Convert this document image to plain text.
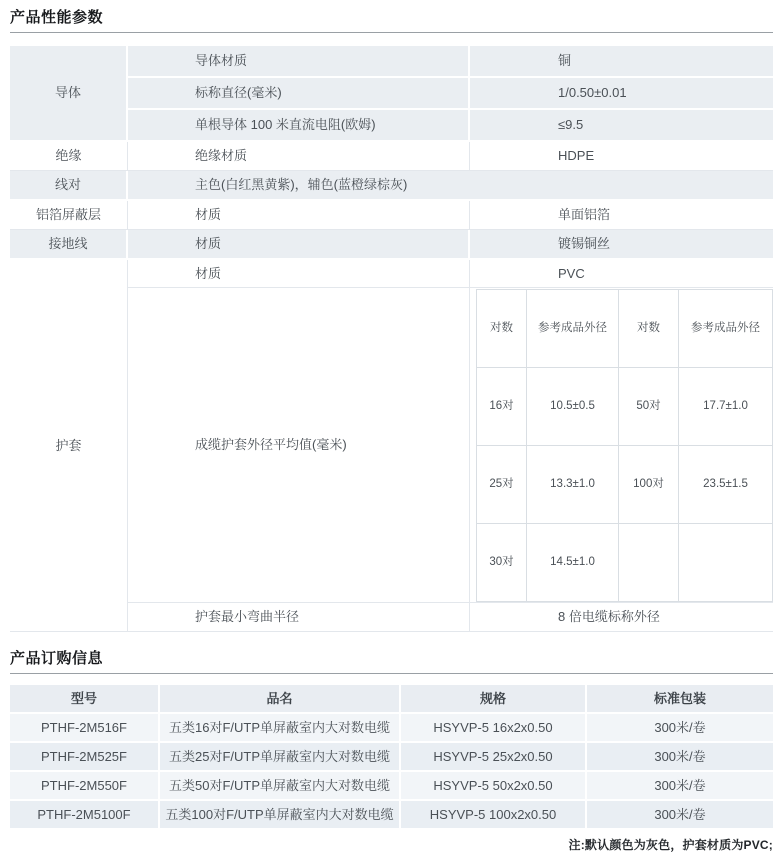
产品性能参数
导体	导体材质	铜
标称直径(毫米)	1/0.50±0.01
单根导体 100 米直流电阻(欧姆)	≤9.5
绝缘	绝缘材质	HDPE
线对	主色(白红黑黄紫)，辅色(蓝橙绿棕灰)
铝箔屏蔽层	材质	单面铝箔
接地线	材质	镀锡铜丝
护套	材质	PVC
成缆护套外径平均值(毫米)	
对数	参考成品外径	对数	参考成品外径
16对	10.5±0.5	50对	17.7±1.0
25对	13.3±1.0	100对	23.5±1.5
30对	14.5±1.0		

护套最小弯曲半径	8 倍电缆标称外径
产品订购信息
型号	品名	规格	标准包装
PTHF-2M516F	五类16对F/UTP单屏蔽室内大对数电缆	HSYVP-5 16x2x0.50	300米/卷
PTHF-2M525F	五类25对F/UTP单屏蔽室内大对数电缆	HSYVP-5 25x2x0.50	300米/卷
PTHF-2M550F	五类50对F/UTP单屏蔽室内大对数电缆	HSYVP-5 50x2x0.50	300米/卷
PTHF-2M5100F	五类100对F/UTP单屏蔽室内大对数电缆	HSYVP-5 100x2x0.50	300米/卷
注:默认颜色为灰色，护套材质为PVC;
